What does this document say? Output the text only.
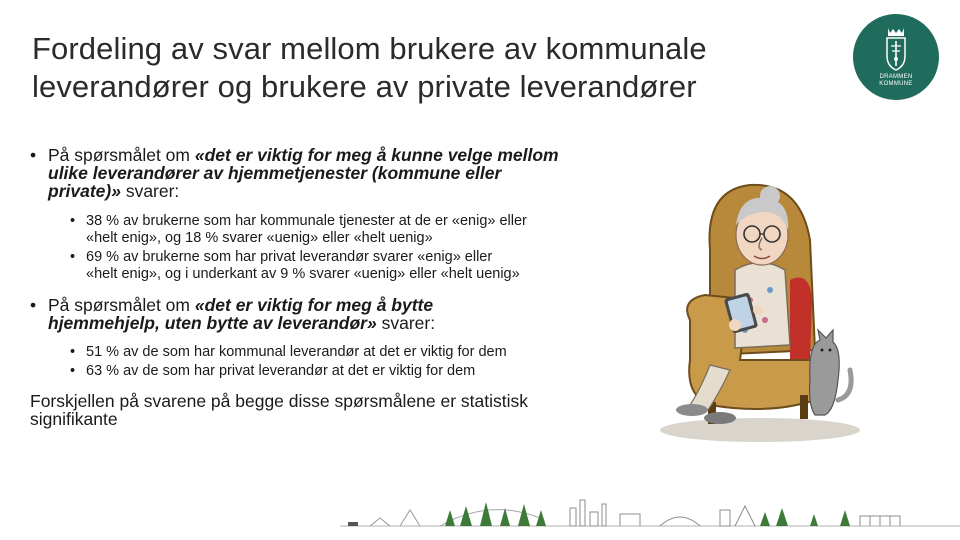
Fordeling av svar mellom brukere av kommunale leverandører og brukere av private leverandører	DRAMMEN
KOMMUNE
• På spørsmålet om «det er viktig for meg å kunne velge mellom ulike leverandører av hjemmetjenester (kommune eller private)» svarer:
• 38 % av brukerne som har kommunale tjenester at de er «enig» eller «helt enig», og 18 % svarer «uenig» eller «helt uenig»
• 69 % av brukerne som har privat leverandør svarer «enig» eller «helt enig», og i underkant av 9 % svarer «uenig» eller «helt uenig»
• På spørsmålet om «det er viktig for meg å bytte hjemmehjelp, uten bytte av leverandør» svarer:
• 51 % av de som har kommunal leverandør at det er viktig for dem
• 63 % av de som har privat leverandør at det er viktig for dem
Forskjellen på svarene på begge disse spørsmålene er statistisk signifikante
